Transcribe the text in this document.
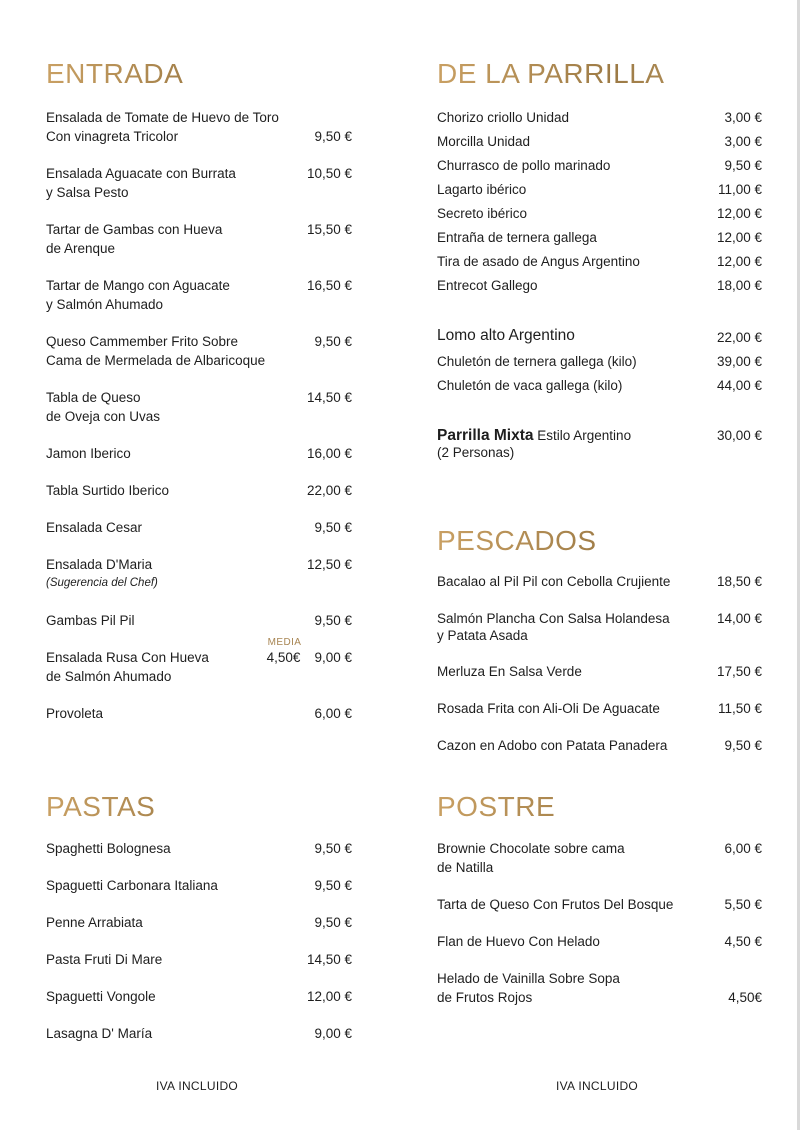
ENTRADA
Ensalada de Tomate de Huevo de Toro
Con vinagreta Tricolor	9,50 €
Ensalada Aguacate con Burrata
y Salsa Pesto
10,50 €
Tartar de Gambas con Hueva
de Arenque
15,50 €
Tartar de Mango con Aguacate
y Salmón Ahumado
16,50 €
Queso Cammember Frito Sobre
Cama de Mermelada de Albaricoque
9,50 €
Tabla de Queso
de Oveja con Uvas
14,50 €
Jamon Iberico	16,00 €
Tabla Surtido Iberico	22,00 €
Ensalada Cesar	9,50 €
Ensalada D'Maria
(Sugerencia del Chef)
12,50 €
Gambas Pil Pil	9,50 €
Ensalada Rusa Con Hueva
de Salmón Ahumado
MEDIA
4,50€ 9,00 €
Provoleta	6,00 €
DE LA PARRILLA
Chorizo criollo Unidad	3,00 €
Morcilla Unidad	3,00 €
Churrasco de pollo marinado	9,50 €
Lagarto ibérico	11,00 €
Secreto ibérico	12,00 €
Entraña de ternera gallega	12,00 €
Tira de asado de Angus Argentino	12,00 €
Entrecot Gallego	18,00 €
Lomo alto Argentino	22,00 €
Chuletón de ternera gallega (kilo)	39,00 €
Chuletón de vaca gallega (kilo)	44,00 €
Parrilla Mixta Estilo Argentino
(2 Personas)
30,00 €
PESCADOS
Bacalao al Pil Pil con Cebolla Crujiente	18,50 €
Salmón Plancha Con Salsa Holandesa
y Patata Asada
14,00 €
Merluza En Salsa Verde	17,50 €
Rosada Frita con Ali-Oli De Aguacate	11,50 €
Cazon en Adobo con Patata Panadera	9,50 €
PASTAS
Spaghetti Bolognesa	9,50 €
Spaguetti Carbonara Italiana	9,50 €
Penne Arrabiata	9,50 €
Pasta Fruti Di Mare	14,50 €
Spaguetti Vongole	12,00 €
Lasagna D' María	9,00 €
POSTRE
Brownie Chocolate sobre cama
de Natilla
6,00 €
Tarta de Queso Con Frutos Del Bosque	5,50 €
Flan de Huevo Con Helado	4,50 €
Helado de Vainilla Sobre Sopa
de Frutos Rojos	4,50€
IVA INCLUIDO	IVA INCLUIDO
